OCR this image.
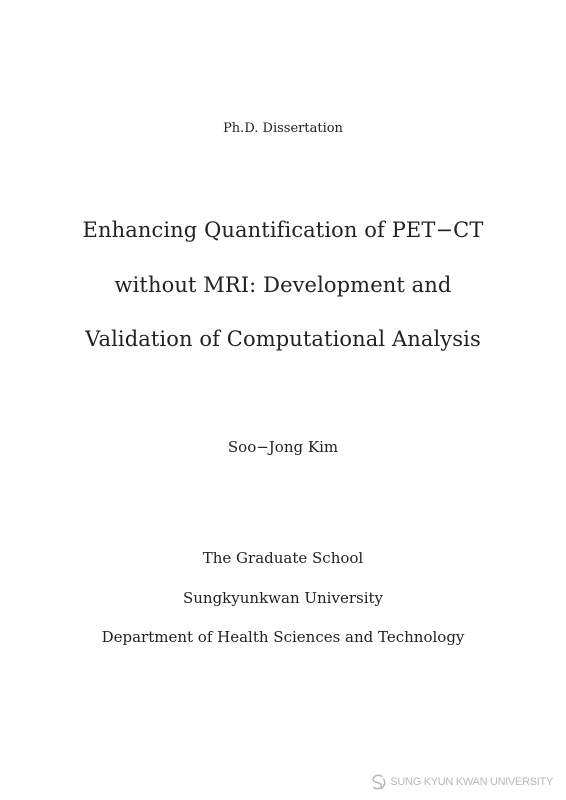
Ph.D. Dissertation

Enhancing Quantification of PET−CT

without MRI: Development and

Validation of Computational Analysis

Soo−Jong Kim

The Graduate School

Sungkyunkwan University

Department of Health Sciences and Technology

SUNG KYUN KWAN UNIVERSITY
